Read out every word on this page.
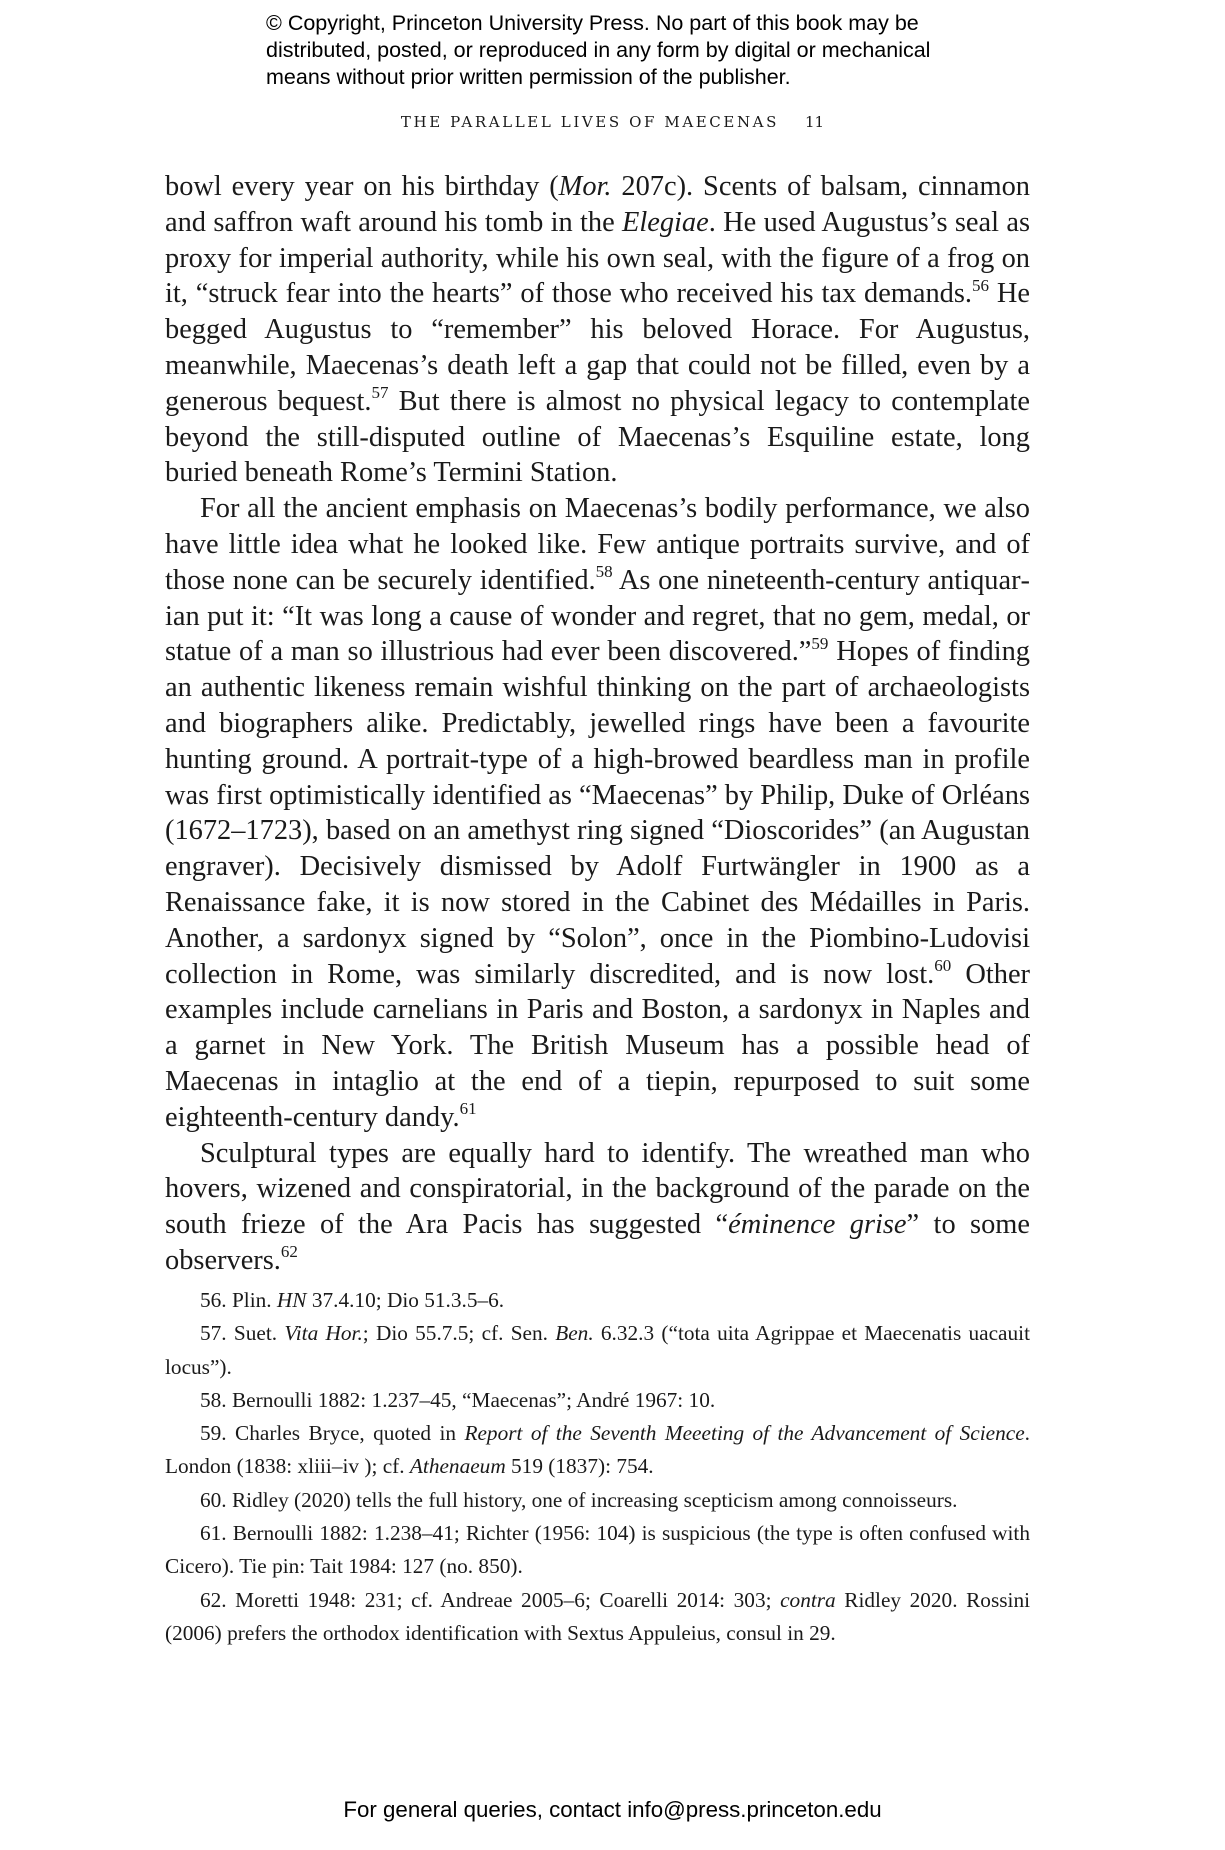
© Copyright, Princeton University Press. No part of this book may be
distributed, posted, or reproduced in any form by digital or mechanical
means without prior written permission of the publisher.
THE PARALLEL LIVES OF MAECENAS 11

bowl every year on his birthday (Mor. 207c). Scents of balsam, cinnamon and saffron waft around his tomb in the Elegiae. He used Augustus’s seal as proxy for imperial authority, while his own seal, with the figure of a frog on it, “struck fear into the hearts” of those who received his tax demands.$^{56}$ He begged Augustus to “remember” his beloved Horace. For Augustus, meanwhile, Maecenas’s death left a gap that could not be filled, even by a generous bequest.$^{57}$ But there is almost no physical legacy to contemplate beyond the still-disputed outline of Maecenas’s Esquiline estate, long buried beneath Rome’s Termini Station.

For all the ancient emphasis on Maecenas’s bodily performance, we also have little idea what he looked like. Few antique portraits survive, and of those none can be securely identified.$^{58}$ As one nineteenth-century antiquarian put it: “It was long a cause of wonder and regret, that no gem, medal, or statue of a man so illustrious had ever been discovered.”$^{59}$ Hopes of finding an authentic likeness remain wishful thinking on the part of archaeologists and biographers alike. Predictably, jewelled rings have been a favourite hunting ground. A portrait-type of a high-browed beardless man in profile was first optimistically identified as “Maecenas” by Philip, Duke of Orléans (1672–1723), based on an amethyst ring signed “Dioscorides” (an Augustan engraver). Decisively dismissed by Adolf Furtwängler in 1900 as a Renaissance fake, it is now stored in the Cabinet des Médailles in Paris. Another, a sardonyx signed by “Solon”, once in the Piombino-Ludovisi collection in Rome, was similarly discredited, and is now lost.$^{60}$ Other examples include carnelians in Paris and Boston, a sardonyx in Naples and a garnet in New York. The British Museum has a possible head of Maecenas in intaglio at the end of a tiepin, repurposed to suit some eighteenth-century dandy.$^{61}$

Sculptural types are equally hard to identify. The wreathed man who hovers, wizened and conspiratorial, in the background of the parade on the south frieze of the Ara Pacis has suggested “éminence grise” to some observers.$^{62}$

56. Plin. HN 37.4.10; Dio 51.3.5–6.

57. Suet. Vita Hor.; Dio 55.7.5; cf. Sen. Ben. 6.32.3 (“tota uita Agrippae et Maecenatis uacauit locus”).

58. Bernoulli 1882: 1.237–45, “Maecenas”; André 1967: 10.

59. Charles Bryce, quoted in Report of the Seventh Meeeting of the Advancement of Science. London (1838: xliii–iv ); cf. Athenaeum 519 (1837): 754.

60. Ridley (2020) tells the full history, one of increasing scepticism among connoisseurs.

61. Bernoulli 1882: 1.238–41; Richter (1956: 104) is suspicious (the type is often confused with Cicero). Tie pin: Tait 1984: 127 (no. 850).

62. Moretti 1948: 231; cf. Andreae 2005–6; Coarelli 2014: 303; contra Ridley 2020. Rossini (2006) prefers the orthodox identification with Sextus Appuleius, consul in 29.

For general queries, contact info@press.princeton.edu
